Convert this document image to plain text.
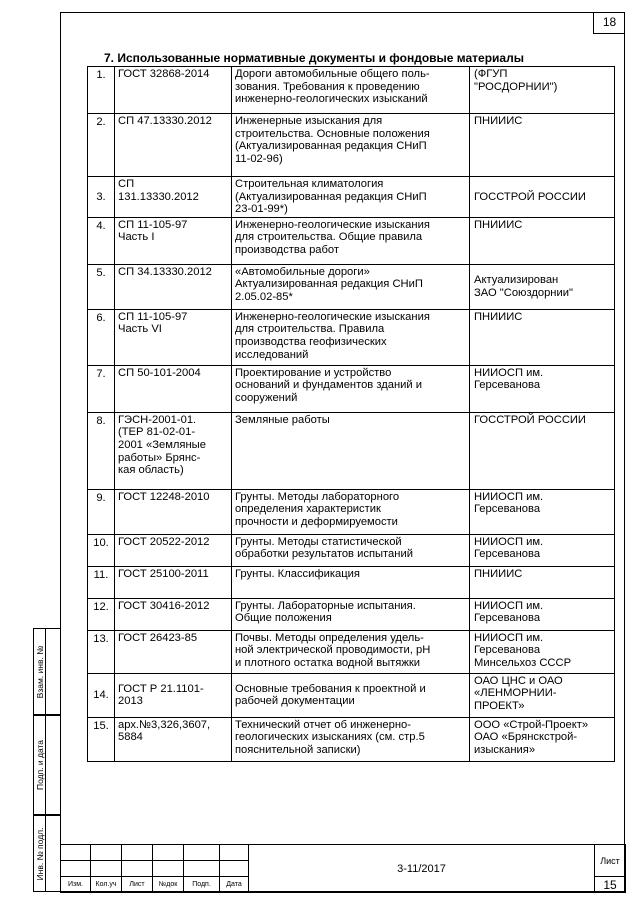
18
Взам. инв. №
Подп. и дата
Инв. № подл.
7. Использованные нормативные документы и фондовые материалы
1.	ГОСТ 32868-2014	Дороги автомобильные общего поль-
зования. Требования к проведению
инженерно-геологических изысканий	(ФГУП
"РОСДОРНИИ")
2.	СП 47.13330.2012	Инженерные изыскания для
строительства. Основные положения
(Актуализированная редакция СНиП
11-02-96)	ПНИИИС
3.	СП
131.13330.2012	Строительная климатология
(Актуализированная редакция СНиП
23-01-99*)	ГОССТРОЙ РОССИИ
4.	СП 11-105-97
Часть I	Инженерно-геологические изыскания
для строительства. Общие правила
производства работ	ПНИИИС
5.	СП 34.13330.2012	«Автомобильные дороги»
Актуализированная редакция СНиП
2.05.02-85*	Актуализирован
ЗАО "Союздорнии"
6.	СП 11-105-97
Часть VI	Инженерно-геологические изыскания
для строительства. Правила
производства геофизических
исследований	ПНИИИС
7.	СП 50-101-2004	Проектирование и устройство
оснований и фундаментов зданий и
сооружений	НИИОСП им.
Герсеванова
8.	ГЭСН-2001-01.
(ТЕР 81-02-01-
2001 «Земляные
работы» Брянс-
кая область)	Земляные работы	ГОССТРОЙ РОССИИ
9.	ГОСТ 12248-2010	Грунты. Методы лабораторного
определения характеристик
прочности и деформируемости	НИИОСП им.
Герсеванова
10.	ГОСТ 20522-2012	Грунты. Методы статистической
обработки результатов испытаний	НИИОСП им.
Герсеванова
11.	ГОСТ 25100-2011	Грунты. Классификация	ПНИИИС
12.	ГОСТ 30416-2012	Грунты. Лабораторные испытания.
Общие положения	НИИОСП им.
Герсеванова
13.	ГОСТ 26423-85	Почвы. Методы определения удель-
ной электрической проводимости, pH
и плотного остатка водной вытяжки	НИИОСП им.
Герсеванова
Минсельхоз СССР
14.	ГОСТ Р 21.1101-
2013	Основные требования к проектной и
рабочей документации	ОАО ЦНС и ОАО
«ЛЕНМОРНИИ-
ПРОЕКТ»
15.	арх.№3,326,3607,
5884	Технический отчет об инженерно-
геологических изысканиях (см. стр.5
пояснительной записки)	ООО «Строй-Проект»
ОАО «Брянскстрой-
изыскания»
						3-11/2017	Лист

Изм.	Кол.уч	Лист	№док	Подп.	Дата		15
